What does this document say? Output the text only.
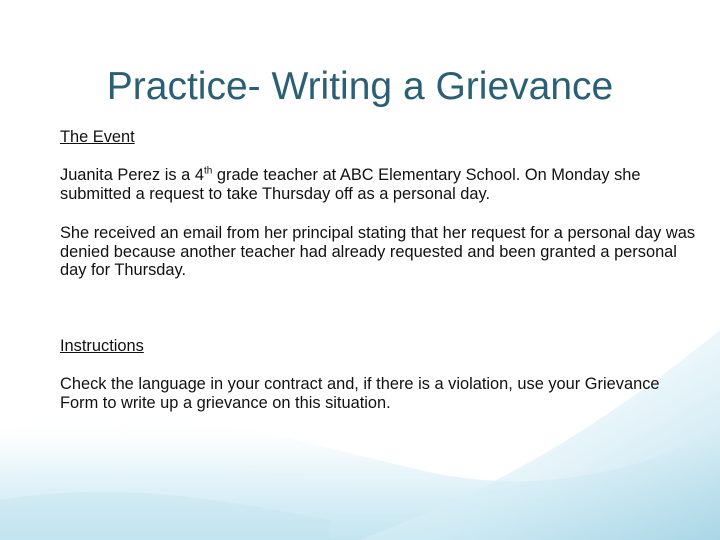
Practice- Writing a Grievance
The Event
Juanita Perez is a 4th grade teacher at ABC Elementary School. On Monday she submitted a request to take Thursday off as a personal day.
She received an email from her principal stating that her request for a personal day was denied because another teacher had already requested and been granted a personal day for Thursday.
Instructions
Check the language in your contract and, if there is a violation, use your Grievance Form to write up a grievance on this situation.
